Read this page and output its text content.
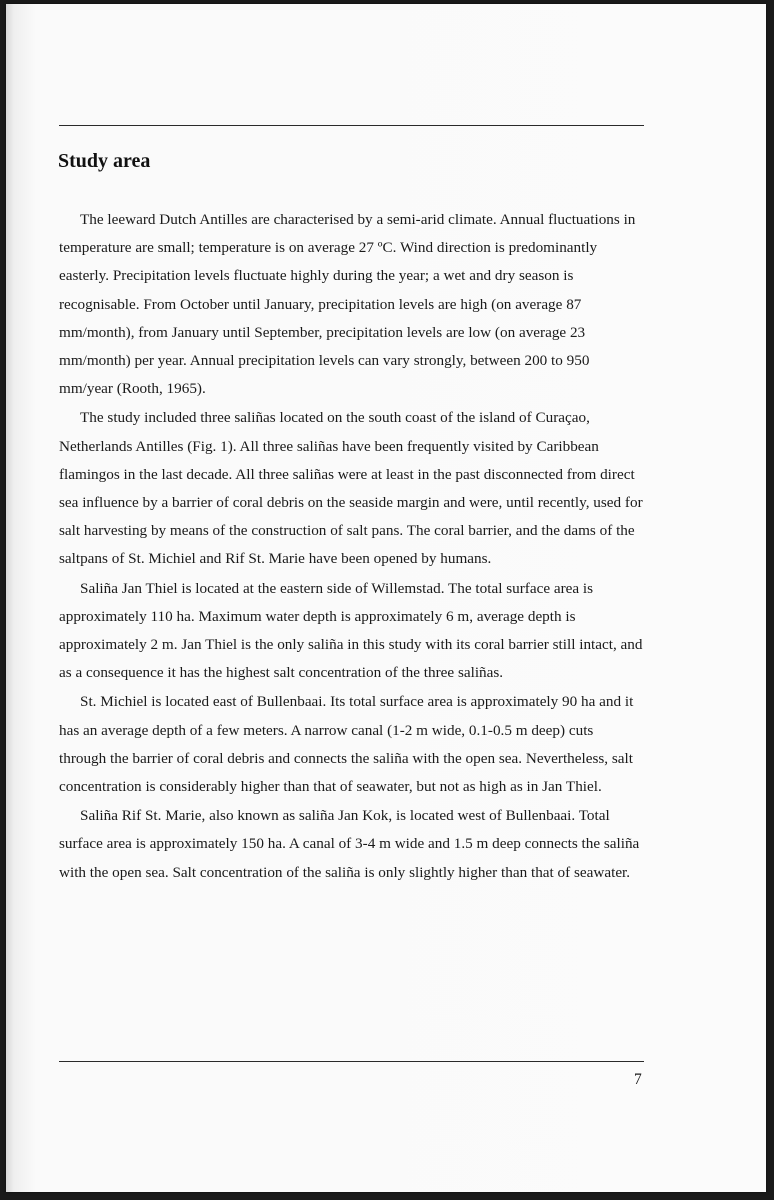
Study area

The leeward Dutch Antilles are characterised by a semi-arid climate. Annual fluctuations in temperature are small; temperature is on average 27 ºC. Wind direction is predominantly easterly. Precipitation levels fluctuate highly during the year; a wet and dry season is recognisable. From October until January, precipitation levels are high (on average 87 mm/month), from January until September, precipitation levels are low (on average 23 mm/month) per year. Annual precipitation levels can vary strongly, between 200 to 950 mm/year (Rooth, 1965).

The study included three saliñas located on the south coast of the island of Curaçao, Netherlands Antilles (Fig. 1). All three saliñas have been frequently visited by Caribbean flamingos in the last decade. All three saliñas were at least in the past disconnected from direct sea influence by a barrier of coral debris on the seaside margin and were, until recently, used for salt harvesting by means of the construction of salt pans. The coral barrier, and the dams of the saltpans of St. Michiel and Rif St. Marie have been opened by humans.

Saliña Jan Thiel is located at the eastern side of Willemstad. The total surface area is approximately 110 ha. Maximum water depth is approximately 6 m, average depth is approximately 2 m. Jan Thiel is the only saliña in this study with its coral barrier still intact, and as a consequence it has the highest salt concentration of the three saliñas.

St. Michiel is located east of Bullenbaai. Its total surface area is approximately 90 ha and it has an average depth of a few meters. A narrow canal (1-2 m wide, 0.1-0.5 m deep) cuts through the barrier of coral debris and connects the saliña with the open sea. Nevertheless, salt concentration is considerably higher than that of seawater, but not as high as in Jan Thiel.

Saliña Rif St. Marie, also known as saliña Jan Kok, is located west of Bullenbaai. Total surface area is approximately 150 ha. A canal of 3-4 m wide and 1.5 m deep connects the saliña with the open sea. Salt concentration of the saliña is only slightly higher than that of seawater.

7
